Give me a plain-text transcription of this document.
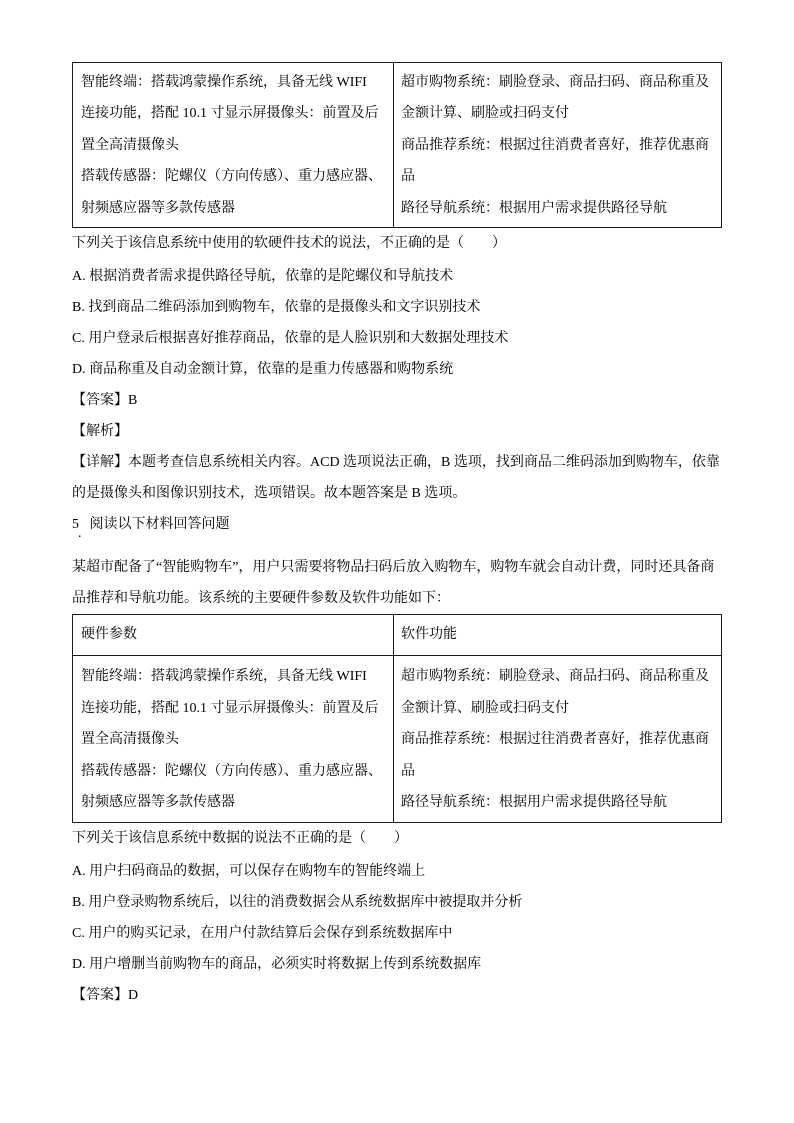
智能终端：搭载鸿蒙操作系统，具备无线 WIFI
连接功能，搭配 10.1 寸显示屏摄像头：前置及后
置全高清摄像头
搭载传感器：陀螺仪（方向传感）、重力感应器、
射频感应器等多款传感器
超市购物系统：刷脸登录、商品扫码、商品称重及
金额计算、刷脸或扫码支付
商品推荐系统：根据过往消费者喜好，推荐优惠商
品
路径导航系统：根据用户需求提供路径导航
下列关于该信息系统中使用的软硬件技术的说法，不正确的是（　　）
A. 根据消费者需求提供路径导航，依靠的是陀螺仪和导航技术
B. 找到商品二维码添加到购物车，依靠的是摄像头和文字识别技术
C. 用户登录后根据喜好推荐商品，依靠的是人脸识别和大数据处理技术
D. 商品称重及自动金额计算，依靠的是重力传感器和购物系统
【答案】B
【解析】
【详解】本题考查信息系统相关内容。ACD 选项说法正确，B 选项，找到商品二维码添加到购物车，依靠
的是摄像头和图像识别技术，选项错误。故本题答案是 B 选项。
5.阅读以下材料回答问题
某超市配备了“智能购物车”，用户只需要将物品扫码后放入购物车，购物车就会自动计费，同时还具备商
品推荐和导航功能。该系统的主要硬件参数及软件功能如下：
硬件参数	软件功能
智能终端：搭载鸿蒙操作系统，具备无线 WIFI
连接功能，搭配 10.1 寸显示屏摄像头：前置及后
置全高清摄像头
搭载传感器：陀螺仪（方向传感）、重力感应器、
射频感应器等多款传感器
超市购物系统：刷脸登录、商品扫码、商品称重及
金额计算、刷脸或扫码支付
商品推荐系统：根据过往消费者喜好，推荐优惠商
品
路径导航系统：根据用户需求提供路径导航
下列关于该信息系统中数据的说法不正确的是（　　）
A. 用户扫码商品的数据，可以保存在购物车的智能终端上
B. 用户登录购物系统后，以往的消费数据会从系统数据库中被提取并分析
C. 用户的购买记录，在用户付款结算后会保存到系统数据库中
D. 用户增删当前购物车的商品，必须实时将数据上传到系统数据库
【答案】D
